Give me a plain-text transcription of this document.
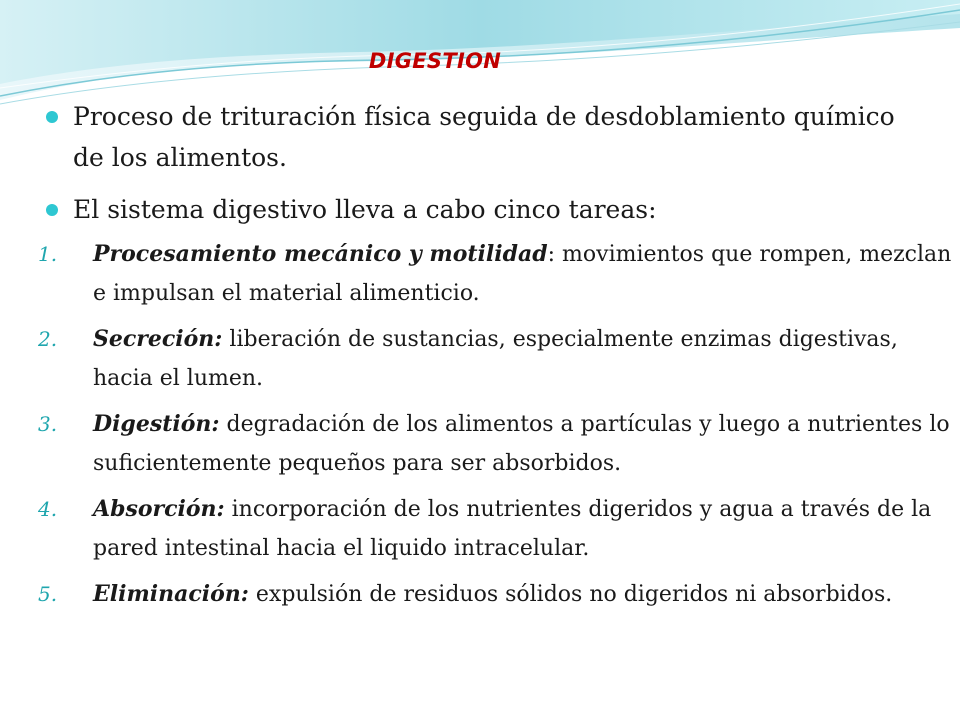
DIGESTION
Proceso de trituración física seguida de desdoblamiento químico de los alimentos.
El sistema digestivo lleva a cabo cinco tareas:
1. Procesamiento mecánico y motilidad: movimientos que rompen, mezclan e impulsan el material alimenticio.
2. Secreción: liberación de sustancias, especialmente enzimas digestivas, hacia el lumen.
3. Digestión: degradación de los alimentos a partículas y luego a nutrientes lo suficientemente pequeños para ser absorbidos.
4. Absorción: incorporación de los nutrientes digeridos y agua a través de la pared intestinal hacia el liquido intracelular.
5. Eliminación: expulsión de residuos sólidos no digeridos ni absorbidos.
